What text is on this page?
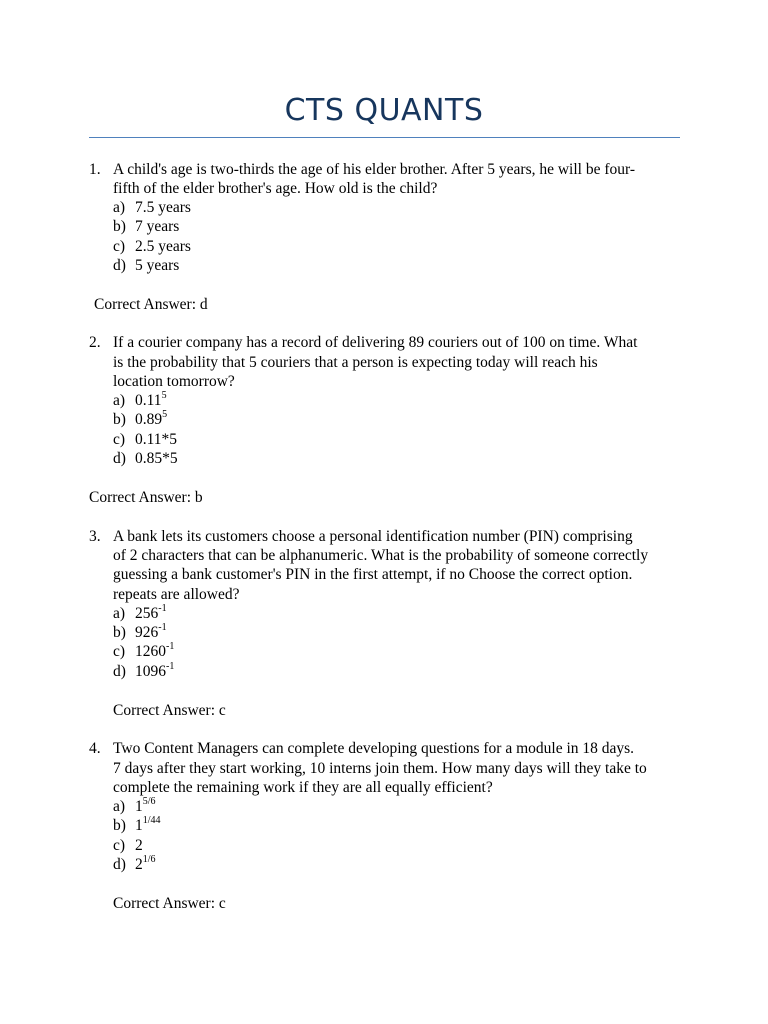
CTS QUANTS
1. A child's age is two-thirds the age of his elder brother. After 5 years, he will be four-
fifth of the elder brother's age. How old is the child?
a) 7.5 years
b) 7 years
c) 2.5 years
d) 5 years
Correct Answer: d
2. If a courier company has a record of delivering 89 couriers out of 100 on time. What
is the probability that 5 couriers that a person is expecting today will reach his
location tomorrow?
a) 0.11$^5$
b) 0.89$^5$
c) 0.11*5
d) 0.85*5
Correct Answer: b
3. A bank lets its customers choose a personal identification number (PIN) comprising
of 2 characters that can be alphanumeric. What is the probability of someone correctly
guessing a bank customer's PIN in the first attempt, if no Choose the correct option.
repeats are allowed?
a) $256^{-1}$
b) $926^{-1}$
c) $1260^{-1}$
d) $1096^{-1}$
Correct Answer: c
4. Two Content Managers can complete developing questions for a module in 18 days.
7 days after they start working, 10 interns join them. How many days will they take to
complete the remaining work if they are all equally efficient?
a) $1^{5/6}$
b) $1^{1/44}$
c) 2
d) $2^{1/6}$
Correct Answer: c
